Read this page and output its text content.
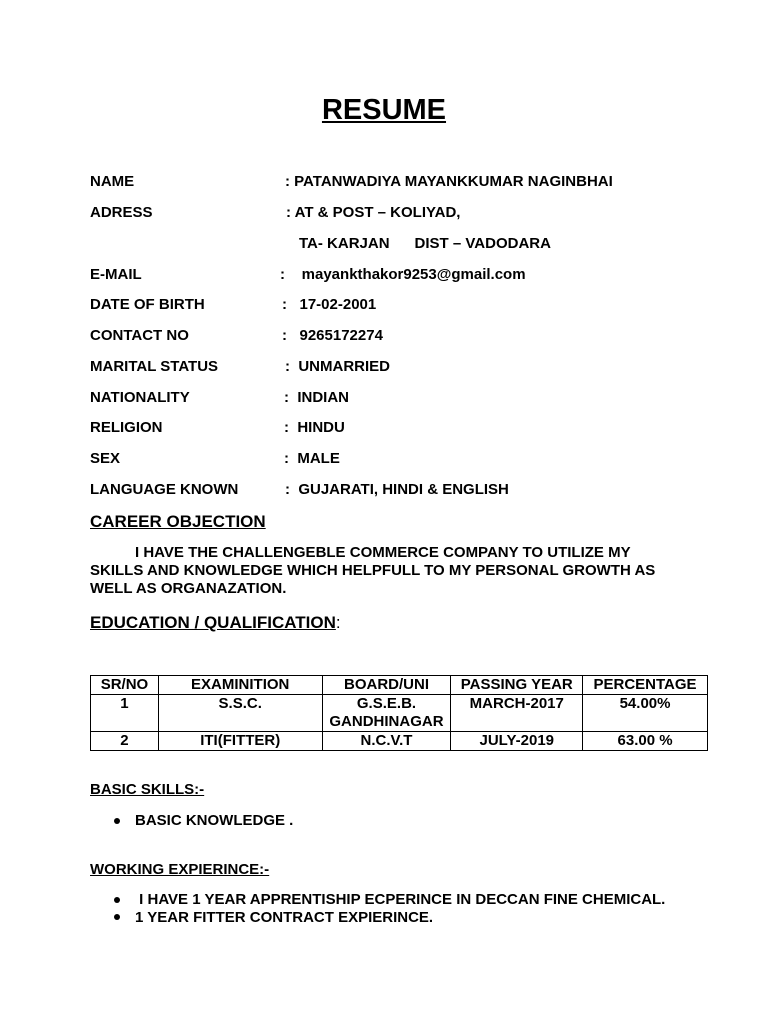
RESUME
NAME	: PATANWADIYA MAYANKKUMAR NAGINBHAI
ADRESS	: AT & POST – KOLIYAD,
TA- KARJAN      DIST – VADODARA
E-MAIL	:    mayankthakor9253@gmail.com
DATE OF BIRTH	:   17-02-2001
CONTACT NO	:   9265172274
MARITAL STATUS	:  UNMARRIED
NATIONALITY	:  INDIAN
RELIGION	:  HINDU
SEX	:  MALE
LANGUAGE KNOWN	:  GUJARATI, HINDI & ENGLISH
CAREER OBJECTION
I HAVE THE CHALLENGEBLE COMMERCE COMPANY TO UTILIZE MY SKILLS AND KNOWLEDGE WHICH HELPFULL TO MY PERSONAL GROWTH AS WELL AS ORGANAZATION.
EDUCATION / QUALIFICATION:
SR/NO	EXAMINITION	BOARD/UNI	PASSING YEAR	PERCENTAGE
1	S.S.C.	G.S.E.B. GANDHINAGAR	MARCH-2017	54.00%
2	ITI(FITTER)	N.C.V.T	JULY-2019	63.00 %
BASIC SKILLS:-
BASIC KNOWLEDGE .
WORKING EXPIERINCE:-
I HAVE 1 YEAR APPRENTISHIP ECPERINCE IN DECCAN FINE CHEMICAL.
1 YEAR FITTER CONTRACT EXPIERINCE.
